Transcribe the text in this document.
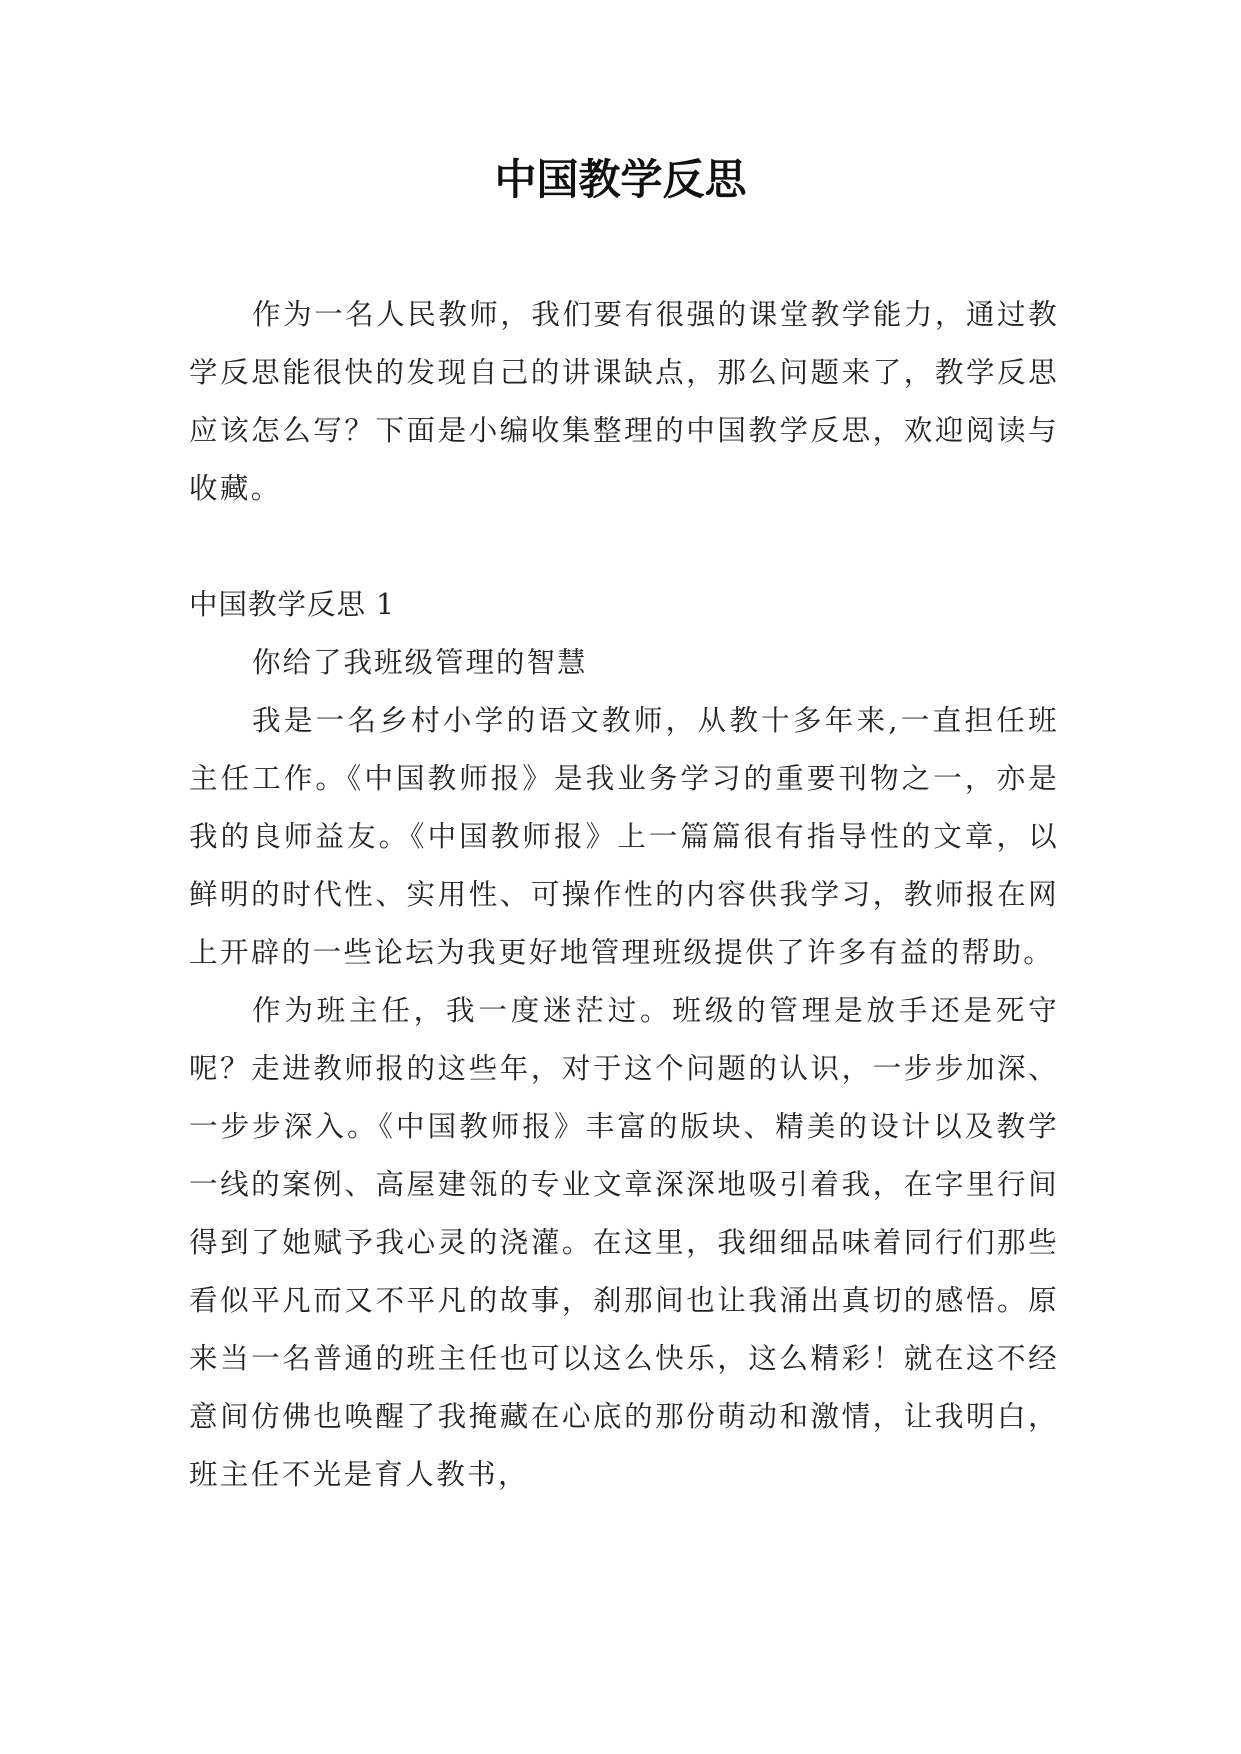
中国教学反思

作为一名人民教师，我们要有很强的课堂教学能力，通过教学反思能很快的发现自己的讲课缺点，那么问题来了，教学反思应该怎么写？下面是小编收集整理的中国教学反思，欢迎阅读与收藏。

中国教学反思 1

你给了我班级管理的智慧

我是一名乡村小学的语文教师，从教十多年来,一直担任班主任工作。《中国教师报》是我业务学习的重要刊物之一，亦是我的良师益友。《中国教师报》上一篇篇很有指导性的文章，以鲜明的时代性、实用性、可操作性的内容供我学习，教师报在网上开辟的一些论坛为我更好地管理班级提供了许多有益的帮助。

作为班主任，我一度迷茫过。班级的管理是放手还是死守呢？走进教师报的这些年，对于这个问题的认识，一步步加深、一步步深入。《中国教师报》丰富的版块、精美的设计以及教学一线的案例、高屋建瓴的专业文章深深地吸引着我，在字里行间得到了她赋予我心灵的浇灌。在这里，我细细品味着同行们那些看似平凡而又不平凡的故事，刹那间也让我涌出真切的感悟。原来当一名普通的班主任也可以这么快乐，这么精彩！就在这不经意间仿佛也唤醒了我掩藏在心底的那份萌动和激情，让我明白，班主任不光是育人教书，
